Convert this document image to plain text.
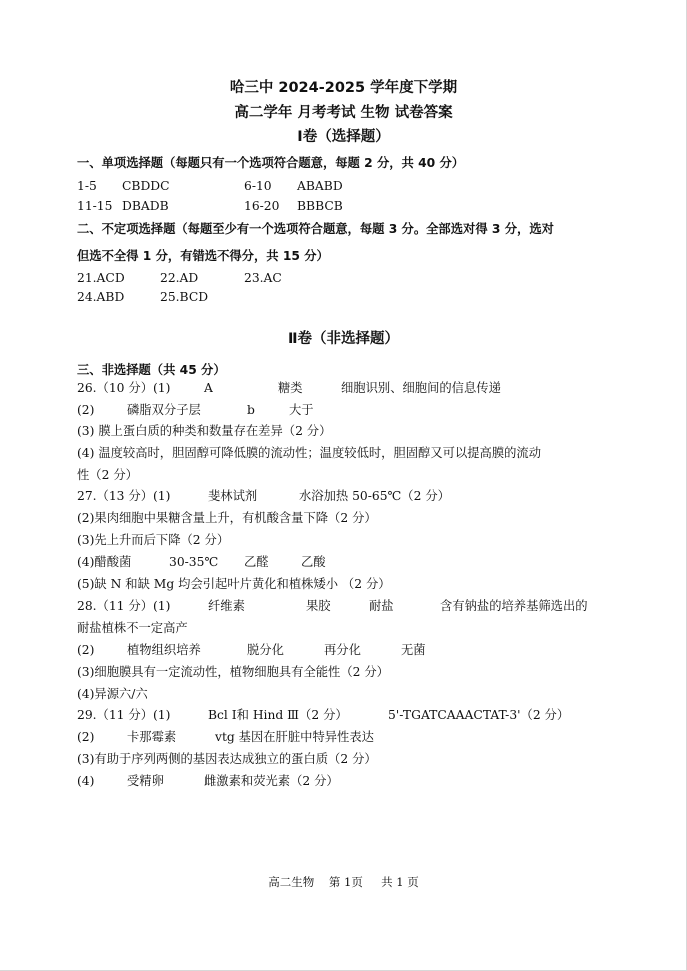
哈三中 2024-2025 学年度下学期
高二学年 月考考试 生物 试卷答案
Ⅰ卷（选择题）
一、单项选择题（每题只有一个选项符合题意，每题 2 分，共 40 分）
1-5 CBDDC	6-10 ABABD
11-15 DBADB	16-20 BBBCB
二、不定项选择题（每题至少有一个选项符合题意，每题 3 分。全部选对得 3 分，选对
但选不全得 1 分，有错选不得分，共 15 分）
21.ACD	22.AD	23.AC
24.ABD	25.BCD
Ⅱ卷（非选择题）
三、非选择题（共 45 分）
26.（10 分）(1)	A	糖类	细胞识别、细胞间的信息传递
(2)	磷脂双分子层	b	大于
(3) 膜上蛋白质的种类和数量存在差异（2 分）
(4) 温度较高时，胆固醇可降低膜的流动性；温度较低时，胆固醇又可以提高膜的流动
性（2 分）
27.（13 分）(1)	斐林试剂	水浴加热 50-65℃（2 分）
(2)果肉细胞中果糖含量上升，有机酸含量下降（2 分）
(3)先上升而后下降（2 分）
(4)醋酸菌	30-35℃ 乙醛	乙酸
(5)缺 N 和缺 Mg 均会引起叶片黄化和植株矮小 （2 分）
28.（11 分）(1)	纤维素	果胶	耐盐	含有钠盐的培养基筛选出的
耐盐植株不一定高产
(2)	植物组织培养	脱分化	再分化	无菌
(3)细胞膜具有一定流动性，植物细胞具有全能性（2 分）
(4)异源六/六
29.（11 分）(1)	Bcl Ⅰ和 Hind Ⅲ（2 分）	5'-TGATCAAACTAT-3'（2 分）
(2)	卡那霉素	vtg 基因在肝脏中特异性表达
(3)有助于序列两侧的基因表达成独立的蛋白质（2 分）
(4)	受精卵	雌激素和荧光素（2 分）
高二生物    第 1页     共 1 页
